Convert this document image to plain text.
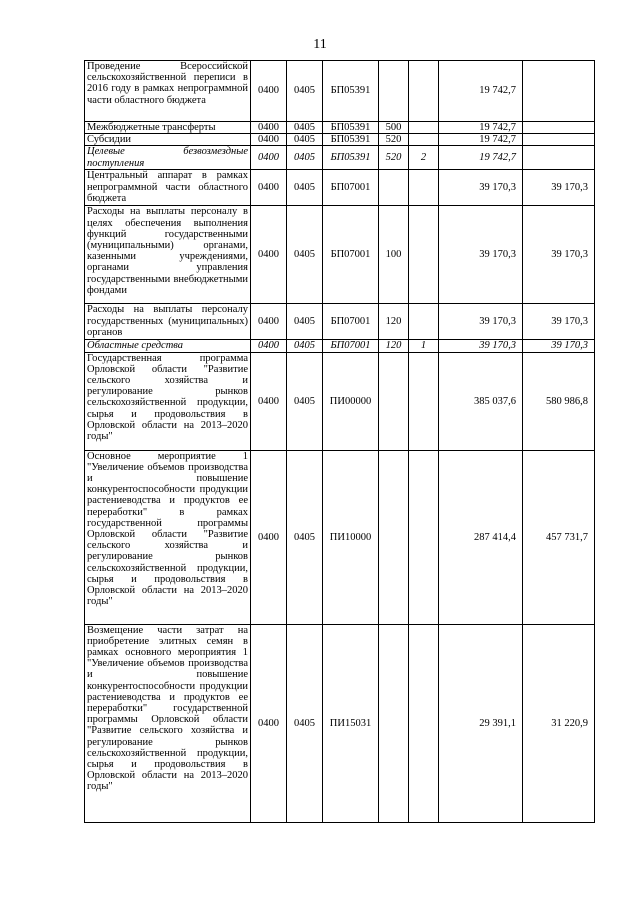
11
Проведение Всероссийской сельскохозяйственной переписи в 2016 году в рамках непрограммной части областного бюджета	0400	0405	БП05391			19 742,7	
Межбюджетные трансферты	0400	0405	БП05391	500		19 742,7	
Субсидии	0400	0405	БП05391	520		19 742,7	
Целевые безвозмездные поступления	0400	0405	БП05391	520	2	19 742,7	
Центральный аппарат в рамках непрограммной части областного бюджета	0400	0405	БП07001			39 170,3	39 170,3
Расходы на выплаты персоналу в целях обеспечения выполнения функций государственными (муниципальными) органами, казенными учреждениями, органами управления государственными внебюджетными фондами	0400	0405	БП07001	100		39 170,3	39 170,3
Расходы на выплаты персоналу государственных (муниципальных) органов	0400	0405	БП07001	120		39 170,3	39 170,3
Областные средства	0400	0405	БП07001	120	1	39 170,3	39 170,3
Государственная программа Орловской области "Развитие сельского хозяйства и регулирование рынков сельскохозяйственной продукции, сырья и продовольствия в Орловской области на 2013–2020 годы"	0400	0405	ПИ00000			385 037,6	580 986,8
Основное мероприятие 1 "Увеличение объемов производства и повышение конкурентоспособности продукции растениеводства и продуктов ее переработки" в рамках государственной программы Орловской области "Развитие сельского хозяйства и регулирование рынков сельскохозяйственной продукции, сырья и продовольствия в Орловской области на 2013–2020 годы"	0400	0405	ПИ10000			287 414,4	457 731,7
Возмещение части затрат на приобретение элитных семян в рамках основного мероприятия 1 "Увеличение объемов производства и повышение конкурентоспособности продукции растениеводства и продуктов ее переработки" государственной программы Орловской области "Развитие сельского хозяйства и регулирование рынков сельскохозяйственной продукции, сырья и продовольствия в Орловской области на 2013–2020 годы"	0400	0405	ПИ15031			29 391,1	31 220,9
